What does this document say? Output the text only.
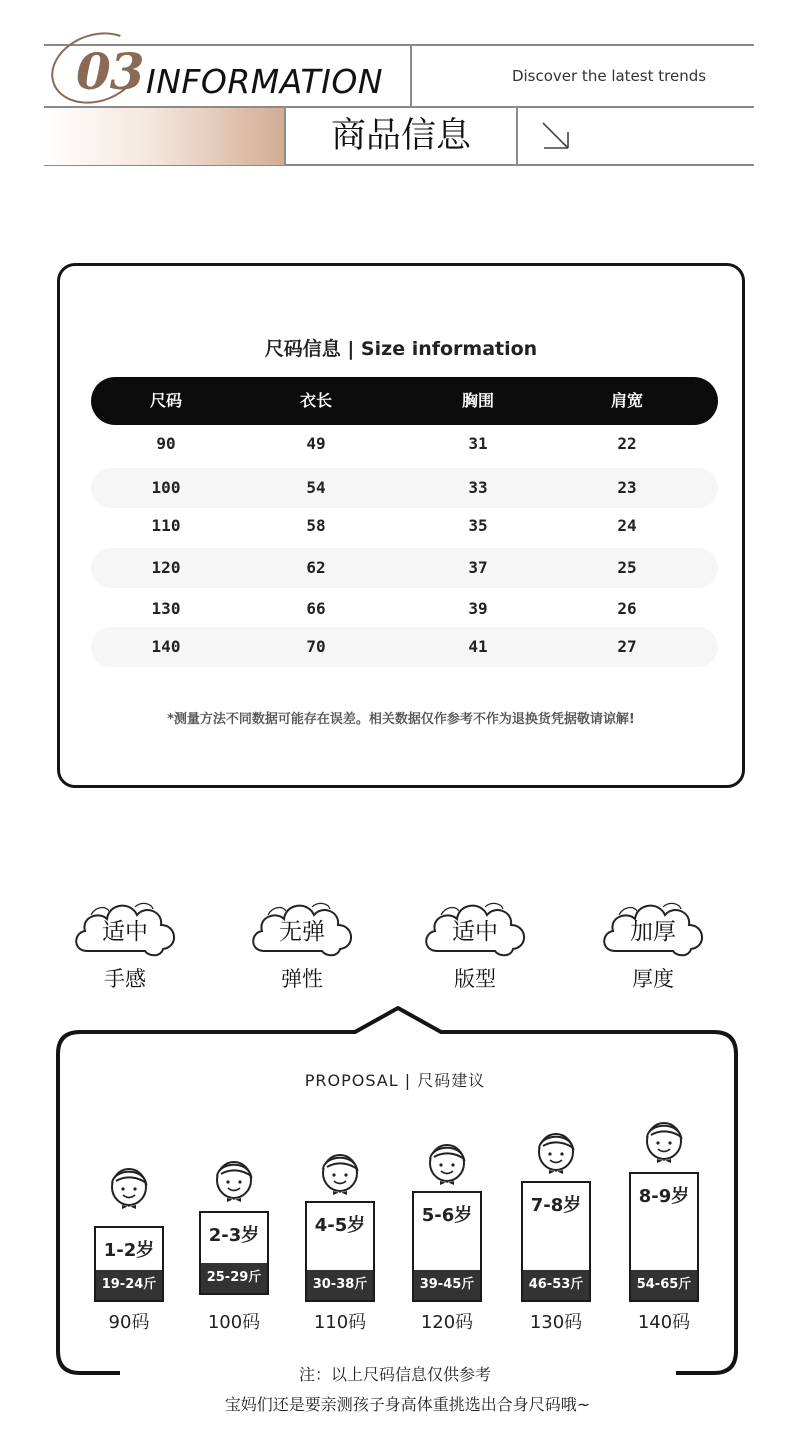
03 INFORMATION	Discover the latest trends
商品信息
尺码信息 | Size information
尺码	衣长	胸围	肩宽
90	49	31	22
100	54	33	23
110	58	35	24
120	62	37	25
130	66	39	26
140	70	41	27
*测量方法不同数据可能存在误差。相关数据仅作参考不作为退换货凭据敬请谅解!
适中
手感
无弹
弹性
适中
版型
加厚
厚度
PROPOSAL | 尺码建议
1-2岁
19-24斤
90码
2-3岁
25-29斤
100码
4-5岁
30-38斤
110码
5-6岁
39-45斤
120码
7-8岁
46-53斤
130码
8-9岁
54-65斤
140码
注：以上尺码信息仅供参考
宝妈们还是要亲测孩子身高体重挑选出合身尺码哦~
